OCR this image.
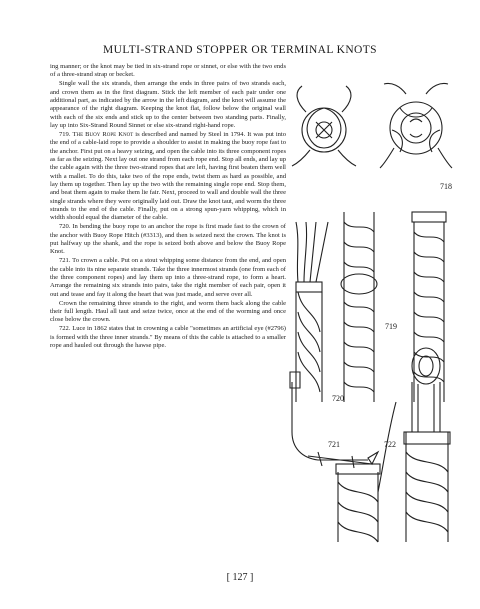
MULTI-STRAND STOPPER OR TERMINAL KNOTS

ing manner; or the knot may be tied in six-strand rope or sinnet, or else with the two ends of a three-strand strap or becket.

Single wall the six strands, then arrange the ends in three pairs of two strands each, and crown them as in the first diagram. Stick the left member of each pair under one additional part, as indicated by the arrow in the left diagram, and the knot will assume the appearance of the right diagram. Keeping the knot flat, follow below the original wall with each of the six ends and stick up to the center between two standing parts. Finally, lay up into Six-Strand Round Sinnet or else six-strand right-hand rope.

719. The Buoy Rope Knot is described and named by Steel in 1794. It was put into the end of a cable-laid rope to provide a shoulder to assist in making the buoy rope fast to the anchor. First put on a heavy seizing, and open the cable into its three component ropes as far as the seizing. Next lay out one strand from each rope end. Stop all ends, and lay up the cable again with the three two-strand ropes that are left, having first beaten them well with a mallet. To do this, take two of the rope ends, twist them as hard as possible, and lay them up together. Then lay up the two with the remaining single rope end. Stop them, and beat them again to make them lie fair. Next, proceed to wall and double wall the three single strands where they were originally laid out. Draw the knot taut, and worm the three strands to the end of the cable. Finally, put on a strong spun-yarn whipping, which in width should equal the diameter of the cable.

720. In bending the buoy rope to an anchor the rope is first made fast to the crown of the anchor with Buoy Rope Hitch (#3313), and then is seized next the crown. The knot is put halfway up the shank, and the rope is seized both above and below the Buoy Rope Knot.

721. To crown a cable. Put on a stout whipping some distance from the end, and open the cable into its nine separate strands. Take the three innermost strands (one from each of the three component ropes) and lay them up into a three-strand rope, to form a heart. Arrange the remaining six strands into pairs, take the right member of each pair, open it out and tease and fay it along the heart that was just made, and serve over all.

Crown the remaining three strands to the right, and worm them back along the cable their full length. Haul all taut and seize twice, once at the end of the worming and once close below the crown.

722. Luce in 1862 states that in crowning a cable "sometimes an artificial eye (#2796) is formed with the three inner strands." By means of this the cable is attached to a smaller rope and hauled out through the hawse pipe.

718
719
720
721	722
[ 127 ]
